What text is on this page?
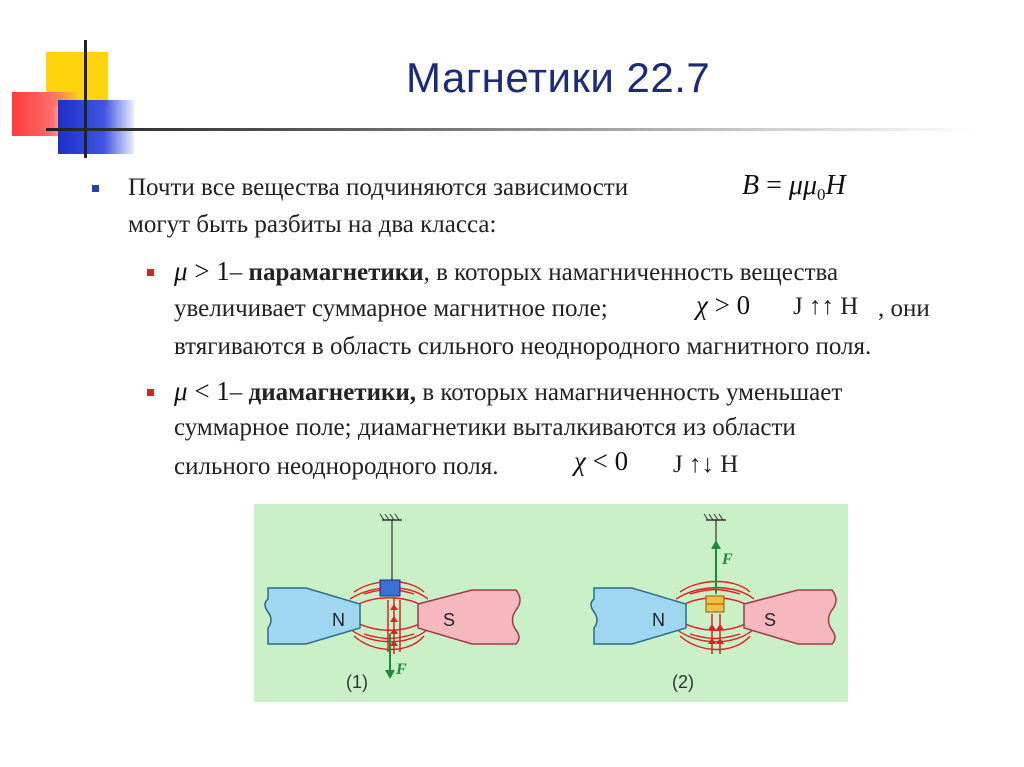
Магнетики 22.7
Почти все вещества подчиняются зависимости	$B = \mu\mu_0H$
могут быть разбиты на два класса:
μ > 1– парамагнетики, в которых намагниченность вещества
увеличивает суммарное магнитное поле;	χ > 0 J ↑↑ H , они
втягиваются в область сильного неоднородного магнитного поля.
μ < 1– диамагнетики, в которых намагниченность уменьшает
суммарное поле; диамагнетики выталкиваются из области
сильного неоднородного поля.	χ < 0 J ↑↓ H
N	S
F
N	S
F
(1)	(2)
